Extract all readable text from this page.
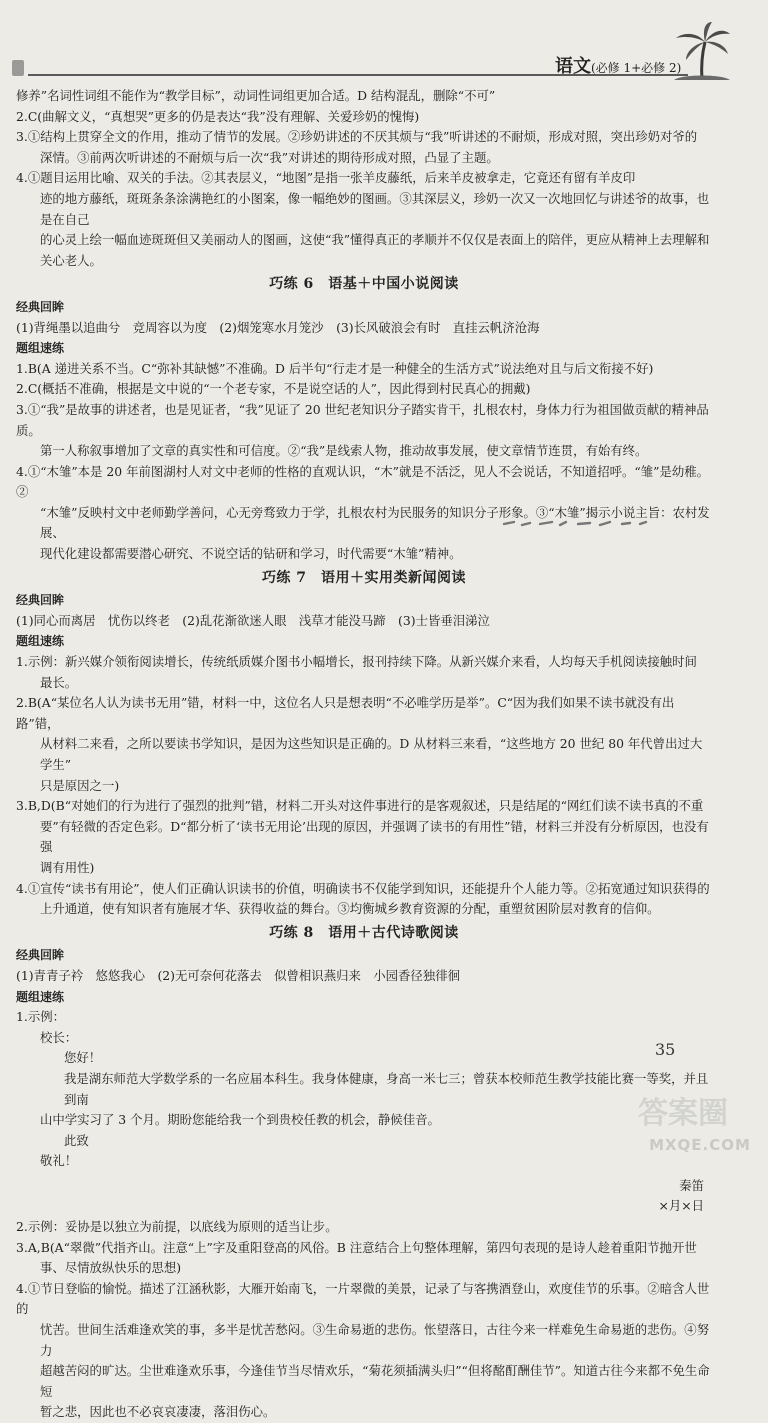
语文(必修 1+必修 2)

修养”名词性词组不能作为“教学目标”，动词性词组更加合适。D 结构混乱，删除“不可”

2.C(曲解文义，“真想哭”更多的仍是表达“我”没有理解、关爱珍奶的愧悔)

3.①结构上贯穿全文的作用，推动了情节的发展。②珍奶讲述的不厌其烦与“我”听讲述的不耐烦，形成对照，突出珍奶对爷的

深情。③前两次听讲述的不耐烦与后一次“我”对讲述的期待形成对照，凸显了主题。

4.①题目运用比喻、双关的手法。②其表层义，“地图”是指一张羊皮藤纸，后来羊皮被拿走，它竟还有留有羊皮印

迹的地方藤纸，斑斑条条涂满艳红的小图案，像一幅绝妙的图画。③其深层义，珍奶一次又一次地回忆与讲述爷的故事，也是在自己

的心灵上绘一幅血迹斑斑但又美丽动人的图画，这使“我”懂得真正的孝顺并不仅仅是表面上的陪伴，更应从精神上去理解和

关心老人。

巧练 6　语基＋中国小说阅读

经典回眸

(1)背绳墨以追曲兮　竞周容以为度　(2)烟笼寒水月笼沙　(3)长风破浪会有时　直挂云帆济沧海

题组速练

1.B(A 递进关系不当。C“弥补其缺憾”不准确。D 后半句“行走才是一种健全的生活方式”说法绝对且与后文衔接不好)

2.C(概括不准确，根据是文中说的“一个老专家，不是说空话的人”，因此得到村民真心的拥戴)

3.①“我”是故事的讲述者，也是见证者，“我”见证了 20 世纪老知识分子踏实肯干，扎根农村，身体力行为祖国做贡献的精神品质。

第一人称叙事增加了文章的真实性和可信度。②“我”是线索人物，推动故事发展，使文章情节连贯，有始有终。

4.①“木雏”本是 20 年前图湖村人对文中老师的性格的直观认识，“木”就是不活泛，见人不会说话，不知道招呼。“雏”是幼稚。②

“木雏”反映村文中老师勤学善问，心无旁骛致力于学，扎根农村为民服务的知识分子形象。③“木雏”揭示小说主旨：农村发展、

现代化建设都需要潜心研究、不说空话的钻研和学习，时代需要“木雏”精神。

巧练 7　语用＋实用类新闻阅读

经典回眸

(1)同心而离居　忧伤以终老　(2)乱花渐欲迷人眼　浅草才能没马蹄　(3)士皆垂泪涕泣

题组速练

1.示例：新兴媒介领衔阅读增长，传统纸质媒介图书小幅增长，报刊持续下降。从新兴媒介来看，人均每天手机阅读接触时间

最长。

2.B(A“某位名人认为读书无用”错，材料一中，这位名人只是想表明“不必唯学历是举”。C“因为我们如果不读书就没有出路”错，

从材料二来看，之所以要读书学知识，是因为这些知识是正确的。D 从材料三来看，“这些地方 20 世纪 80 年代曾出过大学生”

只是原因之一)

3.B,D(B“对她们的行为进行了强烈的批判”错，材料二开头对这件事进行的是客观叙述，只是结尾的“网红们读不读书真的不重

要”有轻微的否定色彩。D“都分析了‘读书无用论’出现的原因，并强调了读书的有用性”错，材料三并没有分析原因，也没有强

调有用性)

4.①宣传“读书有用论”，使人们正确认识读书的价值，明确读书不仅能学到知识，还能提升个人能力等。②拓宽通过知识获得的

上升通道，使有知识者有施展才华、获得收益的舞台。③均衡城乡教育资源的分配，重塑贫困阶层对教育的信仰。

巧练 8　语用＋古代诗歌阅读

经典回眸

(1)青青子衿　悠悠我心　(2)无可奈何花落去　似曾相识燕归来　小园香径独徘徊

题组速练

1.示例：

校长：

您好！

我是湖东师范大学数学系的一名应届本科生。我身体健康，身高一米七三；曾获本校师范生教学技能比赛一等奖，并且到南

山中学实习了 3 个月。期盼您能给我一个到贵校任教的机会，静候佳音。

此致

敬礼！

秦笛

×月×日

2.示例：妥协是以独立为前提，以底线为原则的适当让步。

3.A,B(A“翠微”代指齐山。注意“上”字及重阳登高的风俗。B 注意结合上句整体理解，第四句表现的是诗人趁着重阳节抛开世

事、尽情放纵快乐的思想)

4.①节日登临的愉悦。描述了江涵秋影，大雁开始南飞，一片翠微的美景，记录了与客携酒登山，欢度佳节的乐事。②暗含人世的

忧苦。世间生活难逢欢笑的事，多半是忧苦愁闷。③生命易逝的悲伤。怅望落日，古往今来一样难免生命易逝的悲伤。④努力

超越苦闷的旷达。尘世难逢欢乐事，今逢佳节当尽情欢乐，“菊花须插满头归”“但将酩酊酬佳节”。知道古往今来都不免生命短

暂之悲，因此也不必哀哀凄凄，落泪伤心。

35
答案圈
MXQE.COM
